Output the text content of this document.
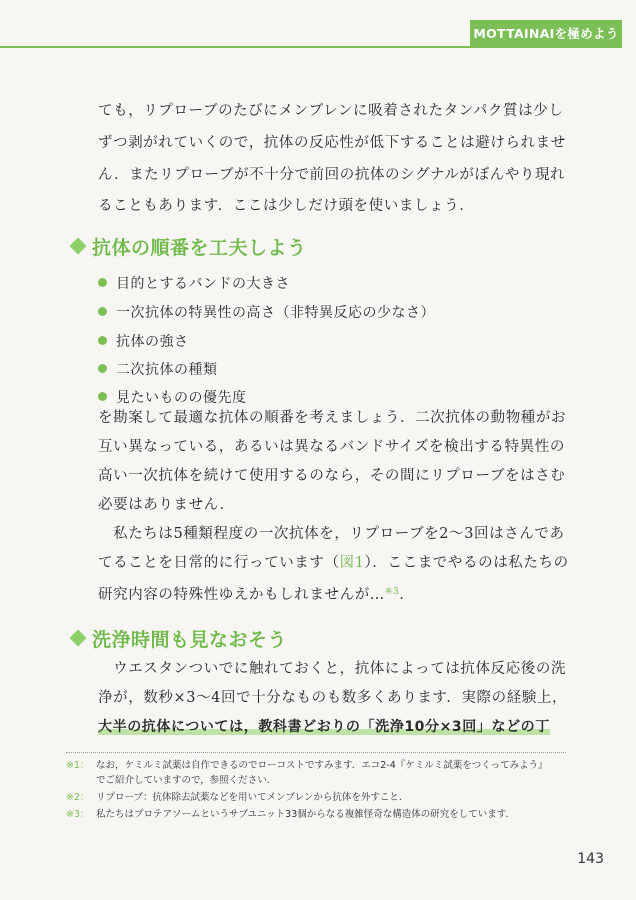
MOTTAINAIを極めよう
ても，リプローブのたびにメンブレンに吸着されたタンパク質は少し
ずつ剥がれていくので，抗体の反応性が低下することは避けられませ
ん．またリプローブが不十分で前回の抗体のシグナルがぼんやり現れ
ることもあります．ここは少しだけ頭を使いましょう．
抗体の順番を工夫しよう
目的とするバンドの大きさ
一次抗体の特異性の高さ（非特異反応の少なさ）
抗体の強さ
二次抗体の種類
見たいものの優先度
を勘案して最適な抗体の順番を考えましょう．二次抗体の動物種がお
互い異なっている，あるいは異なるバンドサイズを検出する特異性の
高い一次抗体を続けて使用するのなら，その間にリプローブをはさむ
必要はありません．
　私たちは5種類程度の一次抗体を，リプローブを2～3回はさんであ
てることを日常的に行っています（図1）．ここまでやるのは私たちの
研究内容の特殊性ゆえかもしれませんが…$^{※3}$．
洗浄時間も見なおそう
　ウエスタンついでに触れておくと，抗体によっては抗体反応後の洗
浄が，数秒×3～4回で十分なものも数多くあります．実際の経験上，
大半の抗体については，教科書どおりの「洗浄10分×3回」などの丁
※1： なお，ケミルミ試薬は自作できるのでローコストですみます．エコ2-4『ケミルミ試薬をつくってみよう』
でご紹介していますので，参照ください．
※2： リプローブ：抗体除去試薬などを用いてメンブレンから抗体を外すこと．
※3： 私たちはプロテアソームというサブユニット33個からなる複雑怪奇な構造体の研究をしています．
143
